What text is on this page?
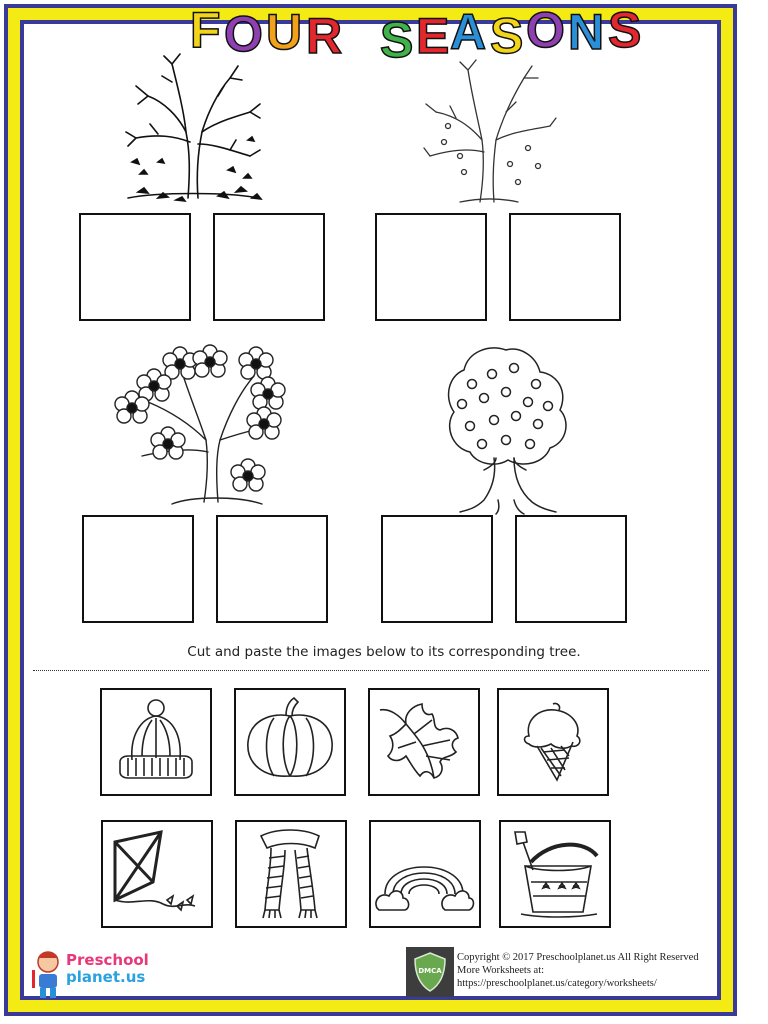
F O U R S E A S O N S
Cut and paste the images below to its corresponding tree.
Preschool
planet.us	DMCA
Copyright © 2017 Preschoolplanet.us All Right Reserved
More Worksheets at:
https://preschoolplanet.us/category/worksheets/
